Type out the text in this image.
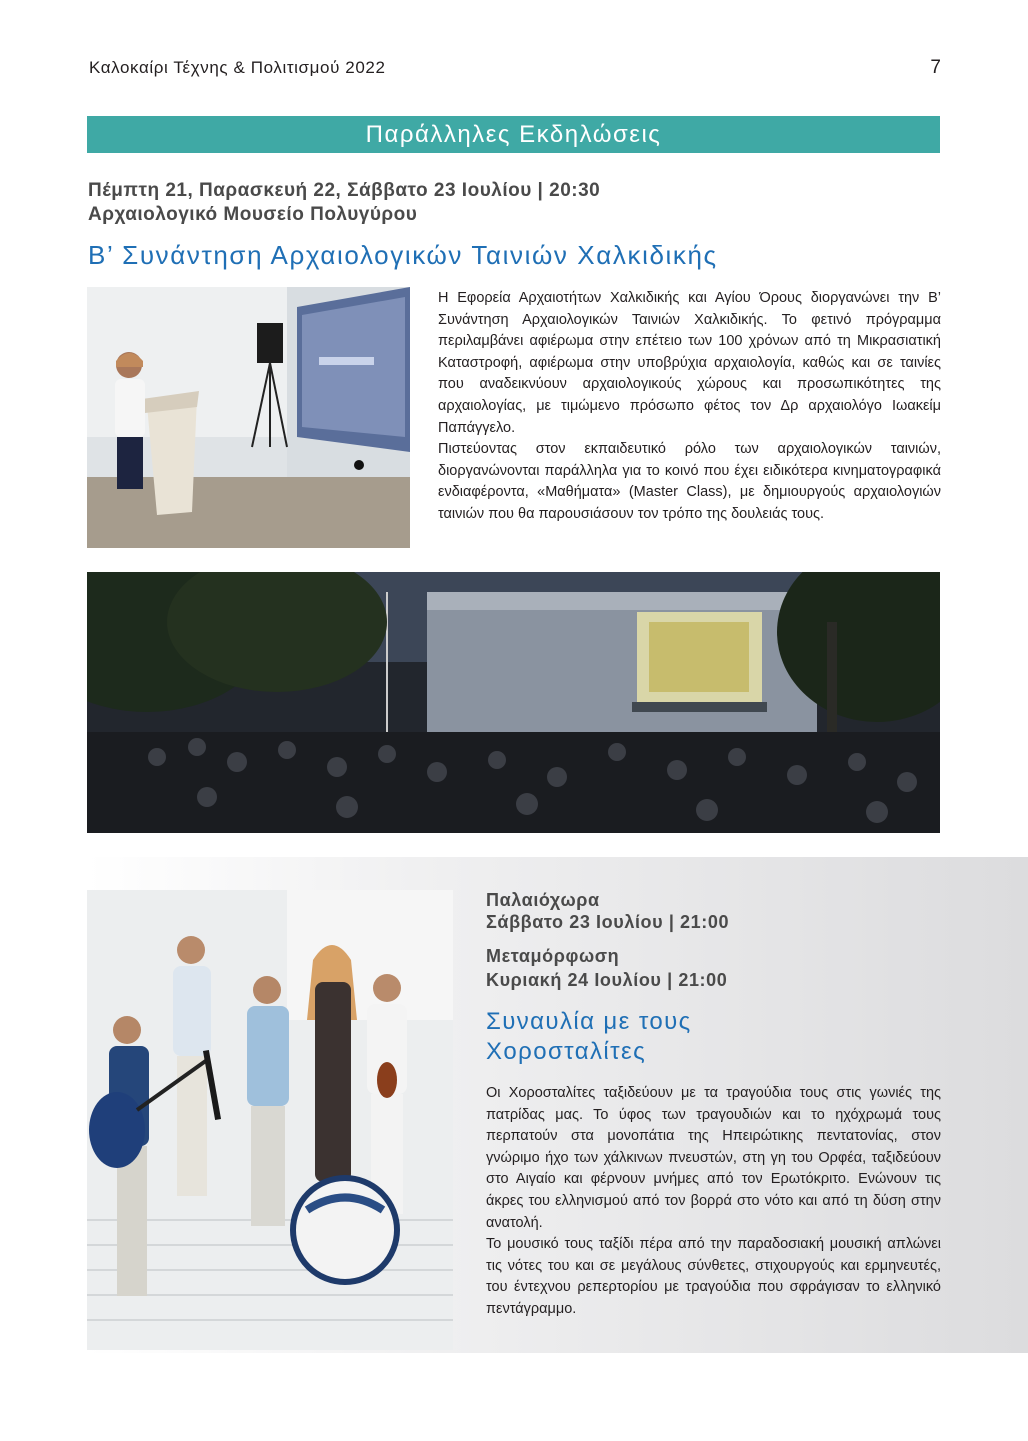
Καλοκαίρι Τέχνης & Πολιτισμού 2022	7
Παράλληλες Εκδηλώσεις
Πέμπτη 21, Παρασκευή 22, Σάββατο 23 Ιουλίου | 20:30
Αρχαιολογικό Μουσείο Πολυγύρου
Β’ Συνάντηση Αρχαιολογικών Ταινιών Χαλκιδικής

Η Εφορεία Αρχαιοτήτων Χαλκιδικής και Αγίου Όρους διοργανώνει την Β’ Συνάντηση Αρχαιολογικών Ταινιών Χαλκιδικής. Το φετινό πρόγραμμα περιλαμβάνει αφιέρωμα στην επέτειο των 100 χρόνων από τη Μικρασιατική Καταστροφή, αφιέρωμα στην υποβρύχια αρχαιολογία, καθώς και σε ταινίες που αναδεικνύουν αρχαιολογικούς χώρους και προσωπικότητες της αρχαιολογίας, με τιμώμενο πρόσωπο φέτος τον Δρ αρχαιολόγο Ιωακείμ Παπάγγελο.

Πιστεύοντας στον εκπαιδευτικό ρόλο των αρχαιολογικών ταινιών, διοργανώνονται παράλληλα για το κοινό που έχει ειδικότερα κινηματογραφικά ενδιαφέροντα, «Μαθήματα» (Master Class), με δημιουργούς αρχαιολογιών ταινιών που θα παρουσιάσουν τον τρόπο της δουλειάς τους.

Παλαιόχωρα
Σάββατο 23 Ιουλίου | 21:00
Μεταμόρφωση
Κυριακή 24 Ιουλίου | 21:00
Συναυλία με τους
Χοροσταλίτες

Οι Χοροσταλίτες ταξιδεύουν με τα τραγούδια τους στις γωνιές της πατρίδας μας. Το ύφος των τραγουδιών και το ηχόχρωμά τους περπατούν στα μονοπάτια της Ηπειρώτικης πεντατονίας, στον γνώριμο ήχο των χάλκινων πνευστών, στη γη του Ορφέα, ταξιδεύουν στο Αιγαίο και φέρνουν μνήμες από τον Ερωτόκριτο. Ενώνουν τις άκρες του ελληνισμού από τον βορρά στο νότο και από τη δύση στην ανατολή.

Το μουσικό τους ταξίδι πέρα από την παραδοσιακή μουσική απλώνει τις νότες του και σε μεγάλους σύνθετες, στιχουργούς και ερμηνευτές, του έντεχνου ρεπερτορίου με τραγούδια που σφράγισαν το ελληνικό πεντάγραμμο.
